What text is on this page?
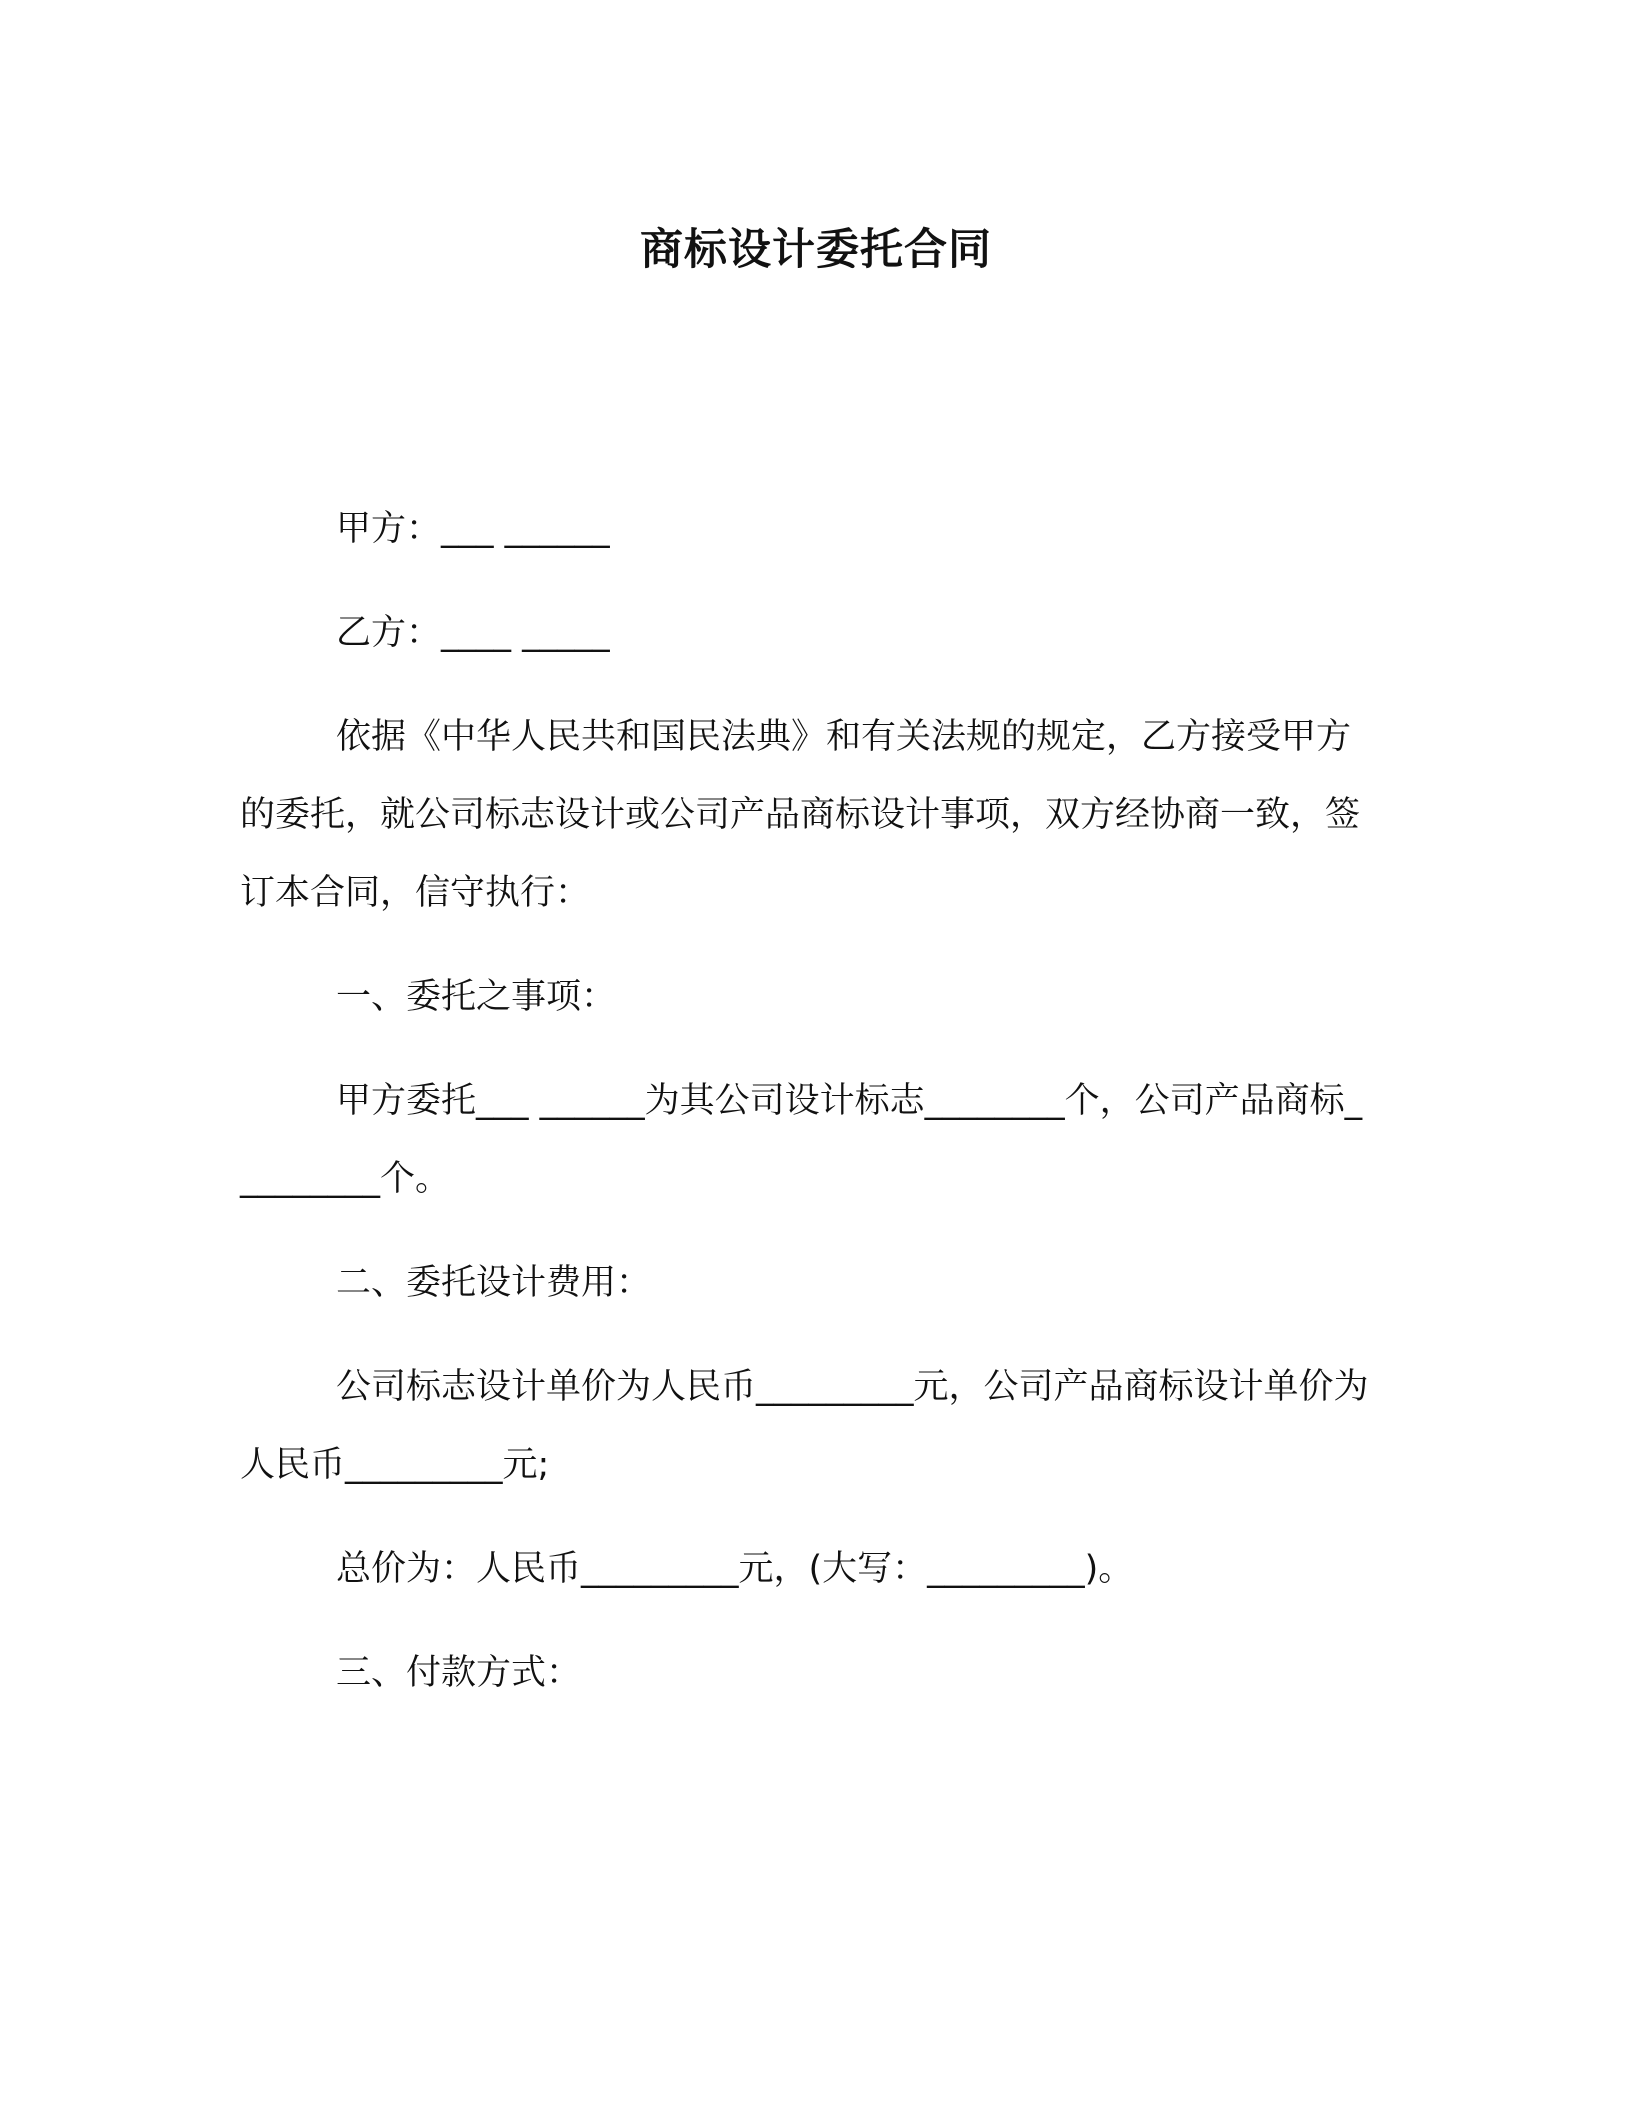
商标设计委托合同

甲方：___ ______

乙方：____ _____

依据《中华人民共和国民法典》和有关法规的规定，乙方接受甲方的委托，就公司标志设计或公司产品商标设计事项，双方经协商一致，签订本合同，信守执行：

一、委托之事项：

甲方委托___ ______为其公司设计标志________个，公司产品商标_________个。

二、委托设计费用：

公司标志设计单价为人民币_________元，公司产品商标设计单价为人民币_________元;

总价为：人民币_________元，(大写：_________)。

三、付款方式：
